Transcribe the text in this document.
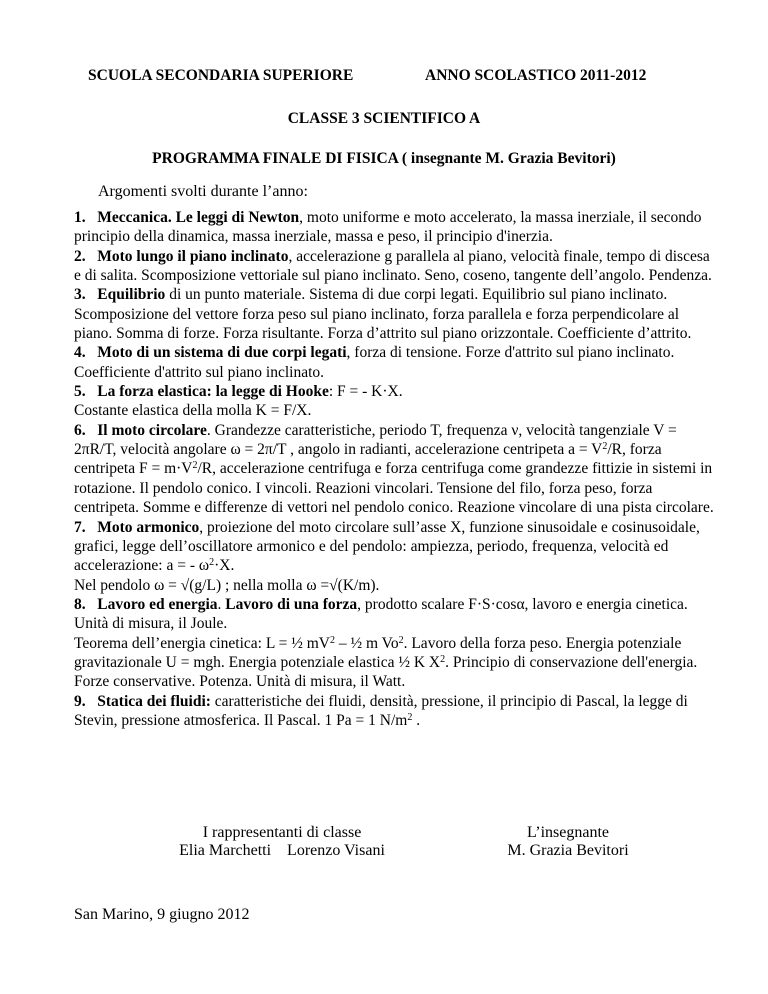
SCUOLA SECONDARIA SUPERIORE	ANNO SCOLASTICO 2011-2012
CLASSE 3 SCIENTIFICO A
PROGRAMMA FINALE DI FISICA ( insegnante M. Grazia Bevitori)
Argomenti svolti durante l’anno:

1. Meccanica. Le leggi di Newton, moto uniforme e moto accelerato, la massa inerziale, il secondo principio della dinamica, massa inerziale, massa e peso, il principio d'inerzia.

2. Moto lungo il piano inclinato, accelerazione g parallela al piano, velocità finale, tempo di discesa e di salita. Scomposizione vettoriale sul piano inclinato. Seno, coseno, tangente dell’angolo. Pendenza.

3. Equilibrio di un punto materiale. Sistema di due corpi legati. Equilibrio sul piano inclinato. Scomposizione del vettore forza peso sul piano inclinato, forza parallela e forza perpendicolare al piano. Somma di forze. Forza risultante. Forza d’attrito sul piano orizzontale. Coefficiente d’attrito.

4. Moto di un sistema di due corpi legati, forza di tensione. Forze d'attrito sul piano inclinato. Coefficiente d'attrito sul piano inclinato.

5. La forza elastica: la legge di Hooke: F = - K·X.
Costante elastica della molla K = F/X.

6. Il moto circolare. Grandezze caratteristiche, periodo T, frequenza ν, velocità tangenziale V = 2πR/T, velocità angolare ω = 2π/T , angolo in radianti, accelerazione centripeta $a = V^2/R$, forza centripeta $F = m\cdot V^2/R$, accelerazione centrifuga e forza centrifuga come grandezze fittizie in sistemi in rotazione. Il pendolo conico. I vincoli. Reazioni vincolari. Tensione del filo, forza peso, forza centripeta. Somme e differenze di vettori nel pendolo conico. Reazione vincolare di una pista circolare.

7. Moto armonico, proiezione del moto circolare sull’asse X, funzione sinusoidale e cosinusoidale, grafici, legge dell’oscillatore armonico e del pendolo: ampiezza, periodo, frequenza, velocità ed accelerazione: a = - $\omega^2\cdot X$.
Nel pendolo ω = √(g/L) ; nella molla ω =√(K/m).

8. Lavoro ed energia. Lavoro di una forza, prodotto scalare F·S·cosα, lavoro e energia cinetica. Unità di misura, il Joule.
Teorema dell’energia cinetica: L = ½ $mV^2$ – ½ m Vo$^2$. Lavoro della forza peso. Energia potenziale gravitazionale U = mgh. Energia potenziale elastica ½ K $X^2$. Principio di conservazione dell'energia. Forze conservative. Potenza. Unità di misura, il Watt.

9. Statica dei fluidi: caratteristiche dei fluidi, densità, pressione, il principio di Pascal, la legge di Stevin, pressione atmosferica. Il Pascal. 1 Pa = 1 $N/m^2$ .

I rappresentanti di classe
Elia Marchetti    Lorenzo Visani
L’insegnante
M. Grazia Bevitori
San Marino, 9 giugno 2012
